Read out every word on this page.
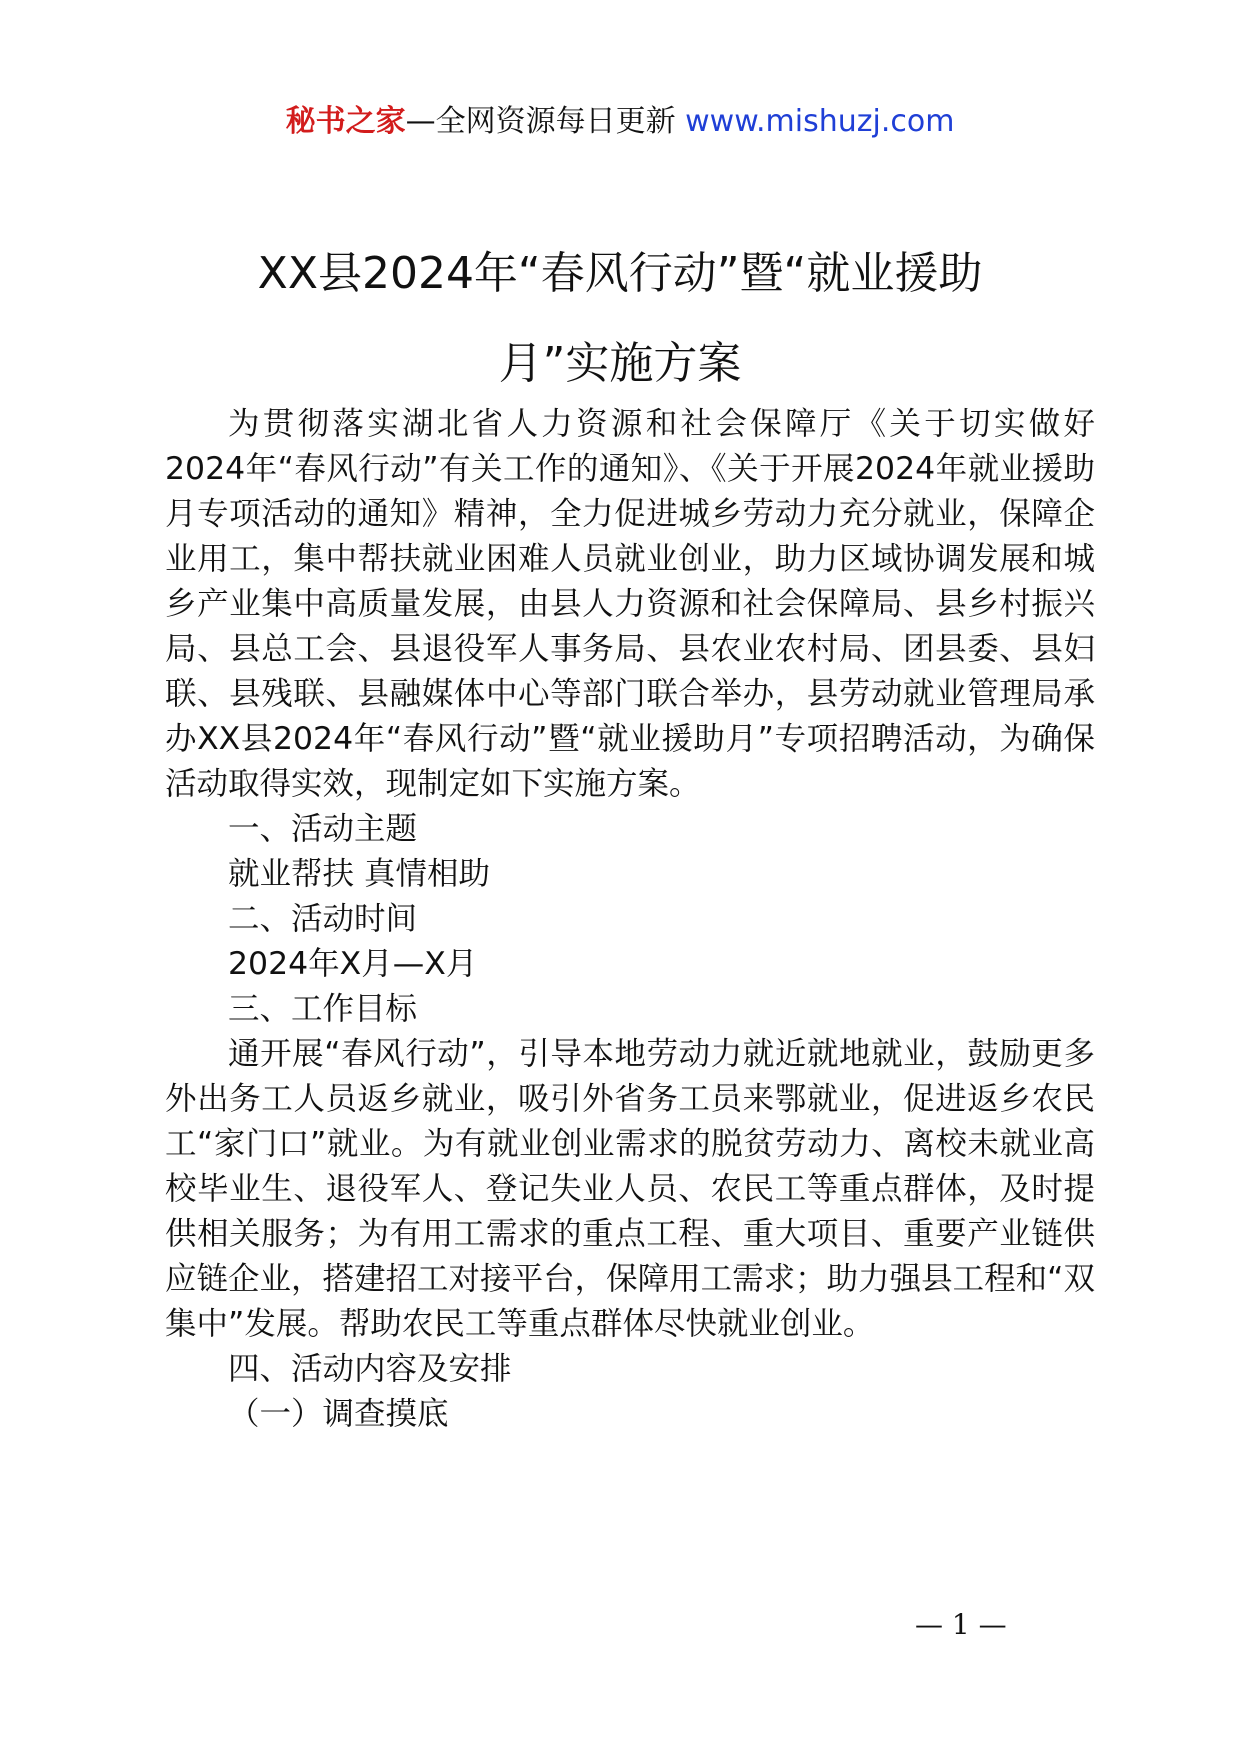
秘书之家—全网资源每日更新 www.mishuzj.com
XX县2024年“春风行动”暨“就业援助
月”实施方案

为贯彻落实湖北省人力资源和社会保障厅《关于切实做好2024年“春风行动”有关工作的通知》、《关于开展2024年就业援助月专项活动的通知》精神，全力促进城乡劳动力充分就业，保障企业用工，集中帮扶就业困难人员就业创业，助力区域协调发展和城乡产业集中高质量发展，由县人力资源和社会保障局、县乡村振兴局、县总工会、县退役军人事务局、县农业农村局、团县委、县妇联、县残联、县融媒体中心等部门联合举办，县劳动就业管理局承办XX县2024年“春风行动”暨“就业援助月”专项招聘活动，为确保活动取得实效，现制定如下实施方案。

一、活动主题

就业帮扶 真情相助

二、活动时间

2024年X月—X月

三、工作目标

通开展“春风行动”，引导本地劳动力就近就地就业，鼓励更多外出务工人员返乡就业，吸引外省务工员来鄂就业，促进返乡农民工“家门口”就业。为有就业创业需求的脱贫劳动力、离校未就业高校毕业生、退役军人、登记失业人员、农民工等重点群体，及时提供相关服务；为有用工需求的重点工程、重大项目、重要产业链供应链企业，搭建招工对接平台，保障用工需求；助力强县工程和“双集中”发展。帮助农民工等重点群体尽快就业创业。

四、活动内容及安排

（一）调查摸底

— 1 —
